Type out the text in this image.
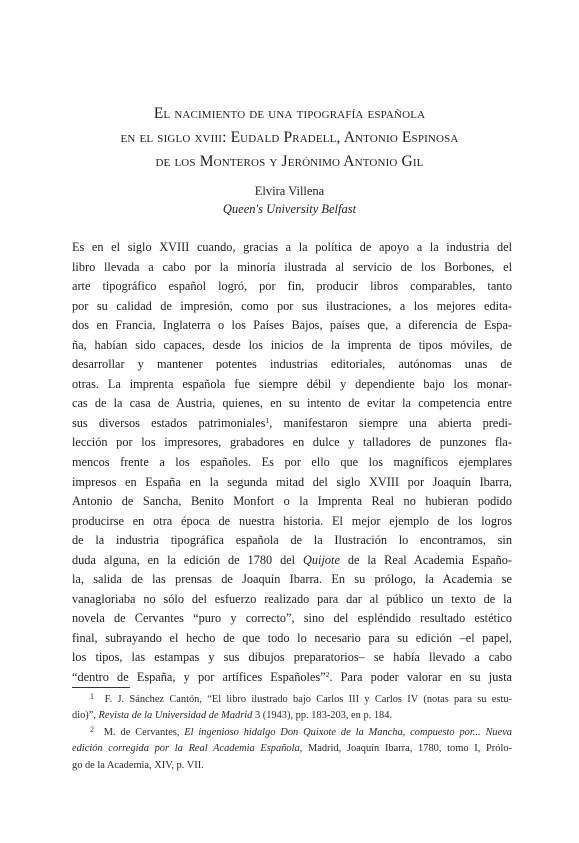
El nacimiento de una tipografía española
en el siglo xviii: Eudald Pradell, Antonio Espinosa
de los Monteros y Jerónimo Antonio Gil
Elvira Villena
Queen's University Belfast
Es en el siglo XVIII cuando, gracias a la política de apoyo a la industria del
libro llevada a cabo por la minoría ilustrada al servicio de los Borbones, el
arte tipográfico español logró, por fin, producir libros comparables, tanto
por su calidad de impresión, como por sus ilustraciones, a los mejores edita-
dos en Francia, Inglaterra o los Países Bajos, países que, a diferencia de Espa-
ña, habían sido capaces, desde los inicios de la imprenta de tipos móviles, de
desarrollar y mantener potentes industrias editoriales, autónomas unas de
otras. La imprenta española fue siempre débil y dependiente bajo los monar-
cas de la casa de Austria, quienes, en su intento de evitar la competencia entre
sus diversos estados patrimoniales$^1$, manifestaron siempre una abierta predi-
lección por los impresores, grabadores en dulce y talladores de punzones fla-
mencos frente a los españoles. Es por ello que los magníficos ejemplares
impresos en España en la segunda mitad del siglo XVIII por Joaquín Ibarra,
Antonio de Sancha, Benito Monfort o la Imprenta Real no hubieran podido
producirse en otra época de nuestra historia. El mejor ejemplo de los logros
de la industria tipográfica española de la Ilustración lo encontramos, sin
duda alguna, en la edición de 1780 del Quijote de la Real Academia Españo-
la, salida de las prensas de Joaquín Ibarra. En su prólogo, la Academia se
vanagloriaba no sólo del esfuerzo realizado para dar al público un texto de la
novela de Cervantes “puro y correcto”, sino del espléndido resultado estético
final, subrayando el hecho de que todo lo necesario para su edición –el papel,
los tipos, las estampas y sus dibujos preparatorios– se había llevado a cabo
“dentro de España, y por artífices Españoles”$^2$. Para poder valorar en su justa
$^1$ F. J. Sánchez Cantón, “El libro ilustrado bajo Carlos III y Carlos IV (notas para su estu-
dio)”, Revista de la Universidad de Madrid 3 (1943), pp. 183-203, en p. 184.
$^2$ M. de Cervantes, El ingenioso hidalgo Don Quixote de la Mancha, compuesto por... Nueva
edición corregida por la Real Academia Española, Madrid, Joaquín Ibarra, 1780, tomo I, Prólo-
go de la Academia, XIV, p. VII.
